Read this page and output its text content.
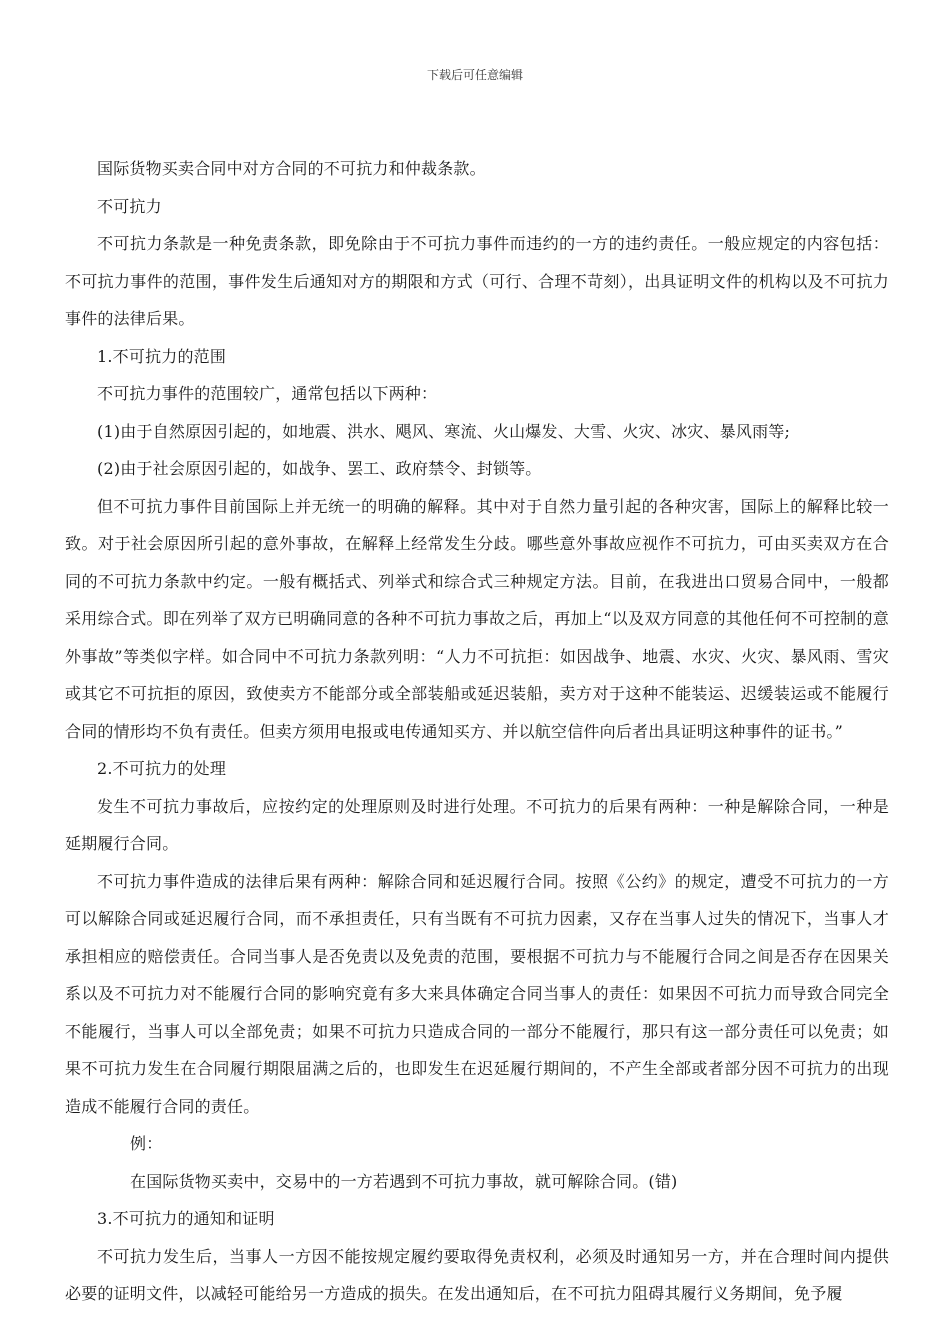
下载后可任意编辑

国际货物买卖合同中对方合同的不可抗力和仲裁条款。

不可抗力

不可抗力条款是一种免责条款，即免除由于不可抗力事件而违约的一方的违约责任。一般应规定的内容包括：不可抗力事件的范围，事件发生后通知对方的期限和方式（可行、合理不苛刻），出具证明文件的机构以及不可抗力事件的法律后果。

1.不可抗力的范围

不可抗力事件的范围较广，通常包括以下两种：

(1)由于自然原因引起的，如地震、洪水、飓风、寒流、火山爆发、大雪、火灾、冰灾、暴风雨等;

(2)由于社会原因引起的，如战争、罢工、政府禁令、封锁等。

但不可抗力事件目前国际上并无统一的明确的解释。其中对于自然力量引起的各种灾害，国际上的解释比较一致。对于社会原因所引起的意外事故，在解释上经常发生分歧。哪些意外事故应视作不可抗力，可由买卖双方在合同的不可抗力条款中约定。一般有概括式、列举式和综合式三种规定方法。目前，在我进出口贸易合同中，一般都采用综合式。即在列举了双方已明确同意的各种不可抗力事故之后，再加上“以及双方同意的其他任何不可控制的意外事故”等类似字样。如合同中不可抗力条款列明：“人力不可抗拒：如因战争、地震、水灾、火灾、暴风雨、雪灾或其它不可抗拒的原因，致使卖方不能部分或全部装船或延迟装船，卖方对于这种不能装运、迟缓装运或不能履行合同的情形均不负有责任。但卖方须用电报或电传通知买方、并以航空信件向后者出具证明这种事件的证书。”

2.不可抗力的处理

发生不可抗力事故后，应按约定的处理原则及时进行处理。不可抗力的后果有两种：一种是解除合同，一种是延期履行合同。

不可抗力事件造成的法律后果有两种：解除合同和延迟履行合同。按照《公约》的规定，遭受不可抗力的一方可以解除合同或延迟履行合同，而不承担责任，只有当既有不可抗力因素，又存在当事人过失的情况下，当事人才承担相应的赔偿责任。合同当事人是否免责以及免责的范围，要根据不可抗力与不能履行合同之间是否存在因果关系以及不可抗力对不能履行合同的影响究竟有多大来具体确定合同当事人的责任：如果因不可抗力而导致合同完全不能履行，当事人可以全部免责；如果不可抗力只造成合同的一部分不能履行，那只有这一部分责任可以免责；如果不可抗力发生在合同履行期限届满之后的，也即发生在迟延履行期间的，不产生全部或者部分因不可抗力的出现造成不能履行合同的责任。

例：

在国际货物买卖中，交易中的一方若遇到不可抗力事故，就可解除合同。(错)

3.不可抗力的通知和证明

不可抗力发生后，当事人一方因不能按规定履约要取得免责权利，必须及时通知另一方，并在合理时间内提供必要的证明文件，以减轻可能给另一方造成的损失。在发出通知后，在不可抗力阻碍其履行义务期间，免予履
